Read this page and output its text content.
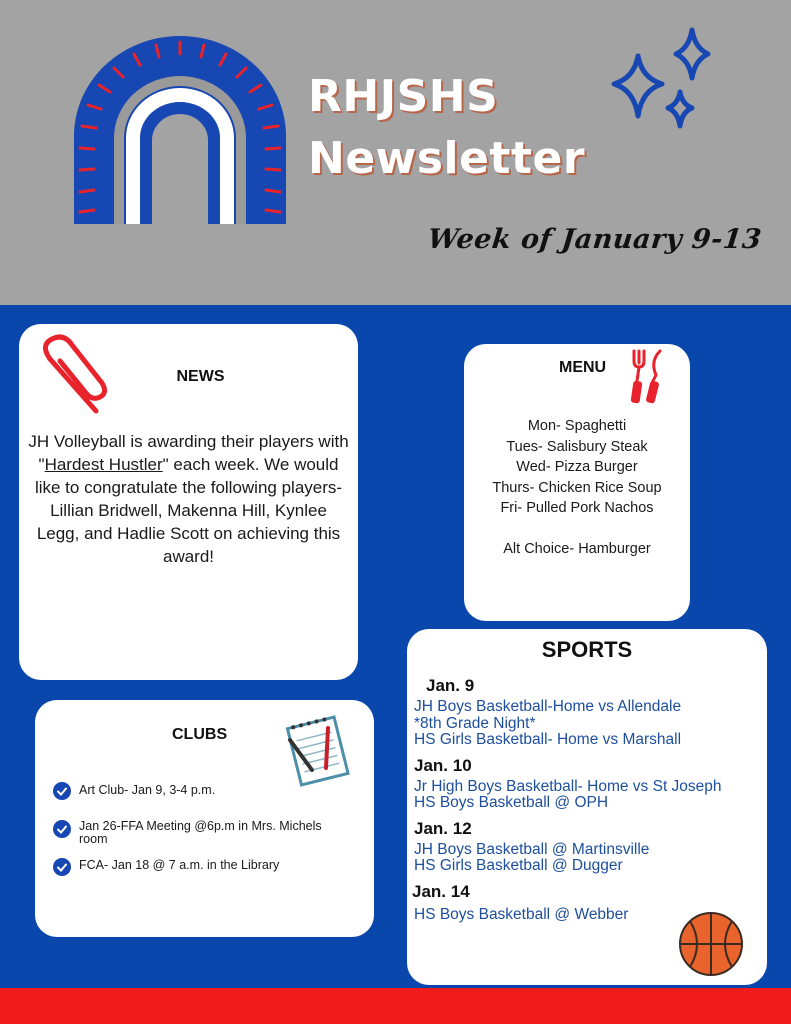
RHJSHS
Newsletter
Week of January 9-13
NEWS
JH Volleyball is awarding their players with "Hardest Hustler" each week. We would like to congratulate the following players- Lillian Bridwell, Makenna Hill, Kynlee Legg, and Hadlie Scott on achieving this award!
MENU
Mon- Spaghetti
Tues- Salisbury Steak
Wed- Pizza Burger
Thurs- Chicken Rice Soup
Fri- Pulled Pork Nachos
Alt Choice- Hamburger
SPORTS
Jan. 9
JH Boys Basketball-Home vs Allendale
*8th Grade Night*
HS Girls Basketball- Home vs Marshall
Jan. 10
Jr High Boys Basketball- Home vs St Joseph
HS Boys Basketball @ OPH
Jan. 12
JH Boys Basketball @ Martinsville
HS Girls Basketball @ Dugger
Jan. 14
HS Boys Basketball @ Webber
CLUBS
Art Club- Jan 9, 3-4 p.m.
Jan 26-FFA Meeting @6p.m in Mrs. Michels room
FCA- Jan 18 @ 7 a.m. in the Library
